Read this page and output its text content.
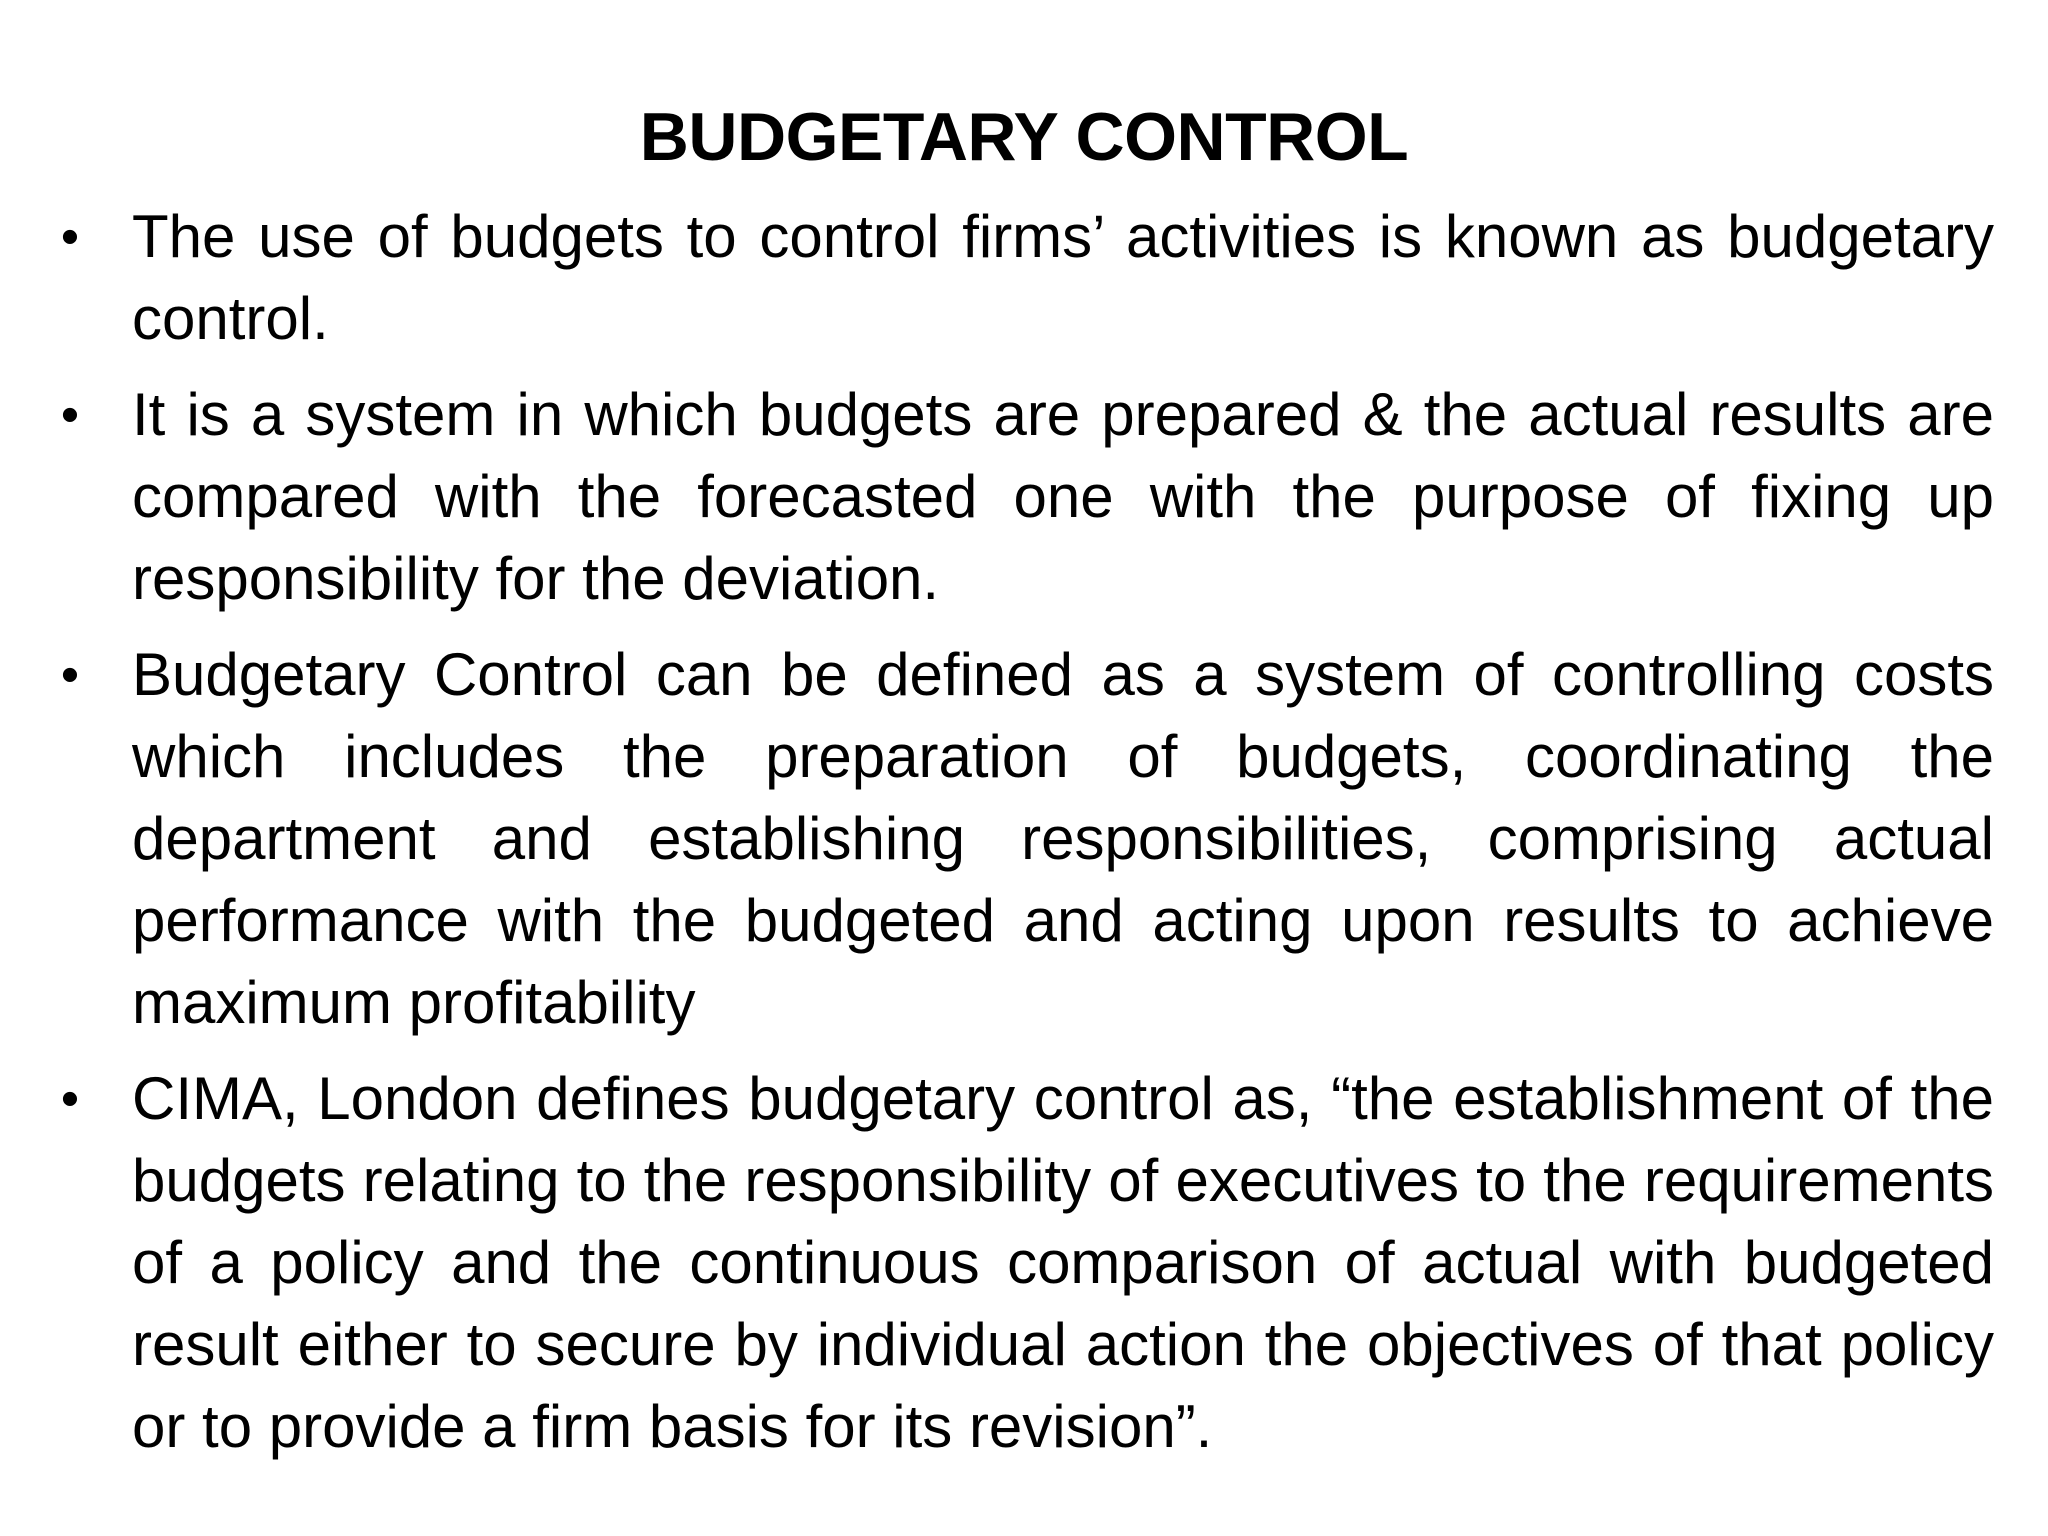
BUDGETARY CONTROL
• The use of budgets to control firms’ activities is known as budgetary control.
• It is a system in which budgets are prepared & the actual results are compared with the forecasted one with the purpose of fixing up responsibility for the deviation.
• Budgetary Control can be defined as a system of controlling costs which includes the preparation of budgets, coordinating the department and establishing responsibilities, comprising actual performance with the budgeted and acting upon results to achieve maximum profitability
• CIMA, London defines budgetary control as, “the establishment of the budgets relating to the responsibility of executives to the requirements of a policy and the continuous comparison of actual with budgeted result either to secure by individual action the objectives of that policy or to provide a firm basis for its revision”.
